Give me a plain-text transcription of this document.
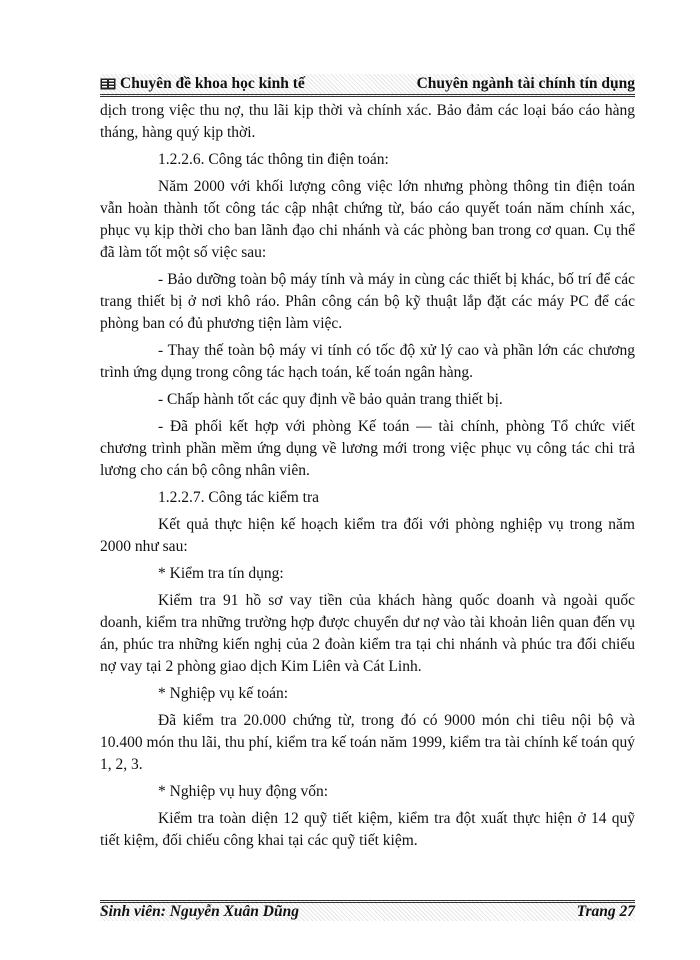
Chuyên đề khoa học kinh tế	Chuyên ngành tài chính tín dụng

dịch trong việc thu nợ, thu lãi kịp thời và chính xác. Bảo đảm các loại báo cáo hàng tháng, hàng quý kịp thời.

1.2.2.6. Công tác thông tin điện toán:

Năm 2000 với khối lượng công việc lớn nhưng phòng thông tin điện toán vẫn hoàn thành tốt công tác cập nhật chứng từ, báo cáo quyết toán năm chính xác, phục vụ kịp thời cho ban lãnh đạo chi nhánh và các phòng ban trong cơ quan. Cụ thể đã làm tốt một số việc sau:

- Bảo dưỡng toàn bộ máy tính và máy in cùng các thiết bị khác, bố trí để các trang thiết bị ở nơi khô ráo. Phân công cán bộ kỹ thuật lắp đặt các máy PC để các phòng ban có đủ phương tiện làm việc.

- Thay thế toàn bộ máy vi tính có tốc độ xử lý cao và phần lớn các chương trình ứng dụng trong công tác hạch toán, kế toán ngân hàng.

- Chấp hành tốt các quy định về bảo quản trang thiết bị.

- Đã phối kết hợp với phòng Kế toán — tài chính, phòng Tổ chức viết chương trình phần mềm ứng dụng về lương mới trong việc phục vụ công tác chi trả lương cho cán bộ công nhân viên.

1.2.2.7. Công tác kiểm tra

Kết quả thực hiện kế hoạch kiểm tra đối với phòng nghiệp vụ trong năm 2000 như sau:

* Kiểm tra tín dụng:

Kiểm tra 91 hồ sơ vay tiền của khách hàng quốc doanh và ngoài quốc doanh, kiểm tra những trường hợp được chuyển dư nợ vào tài khoản liên quan đến vụ án, phúc tra những kiến nghị của 2 đoàn kiểm tra tại chi nhánh và phúc tra đối chiếu nợ vay tại 2 phòng giao dịch Kim Liên và Cát Linh.

* Nghiệp vụ kế toán:

Đã kiểm tra 20.000 chứng từ, trong đó có 9000 món chi tiêu nội bộ và 10.400 món thu lãi, thu phí, kiểm tra kế toán năm 1999, kiểm tra tài chính kế toán quý 1, 2, 3.

* Nghiệp vụ huy động vốn:

Kiểm tra toàn diện 12 quỹ tiết kiệm, kiểm tra đột xuất thực hiện ở 14 quỹ tiết kiệm, đối chiếu công khai tại các quỹ tiết kiệm.

Sinh viên: Nguyễn Xuân Dũng	Trang 27
